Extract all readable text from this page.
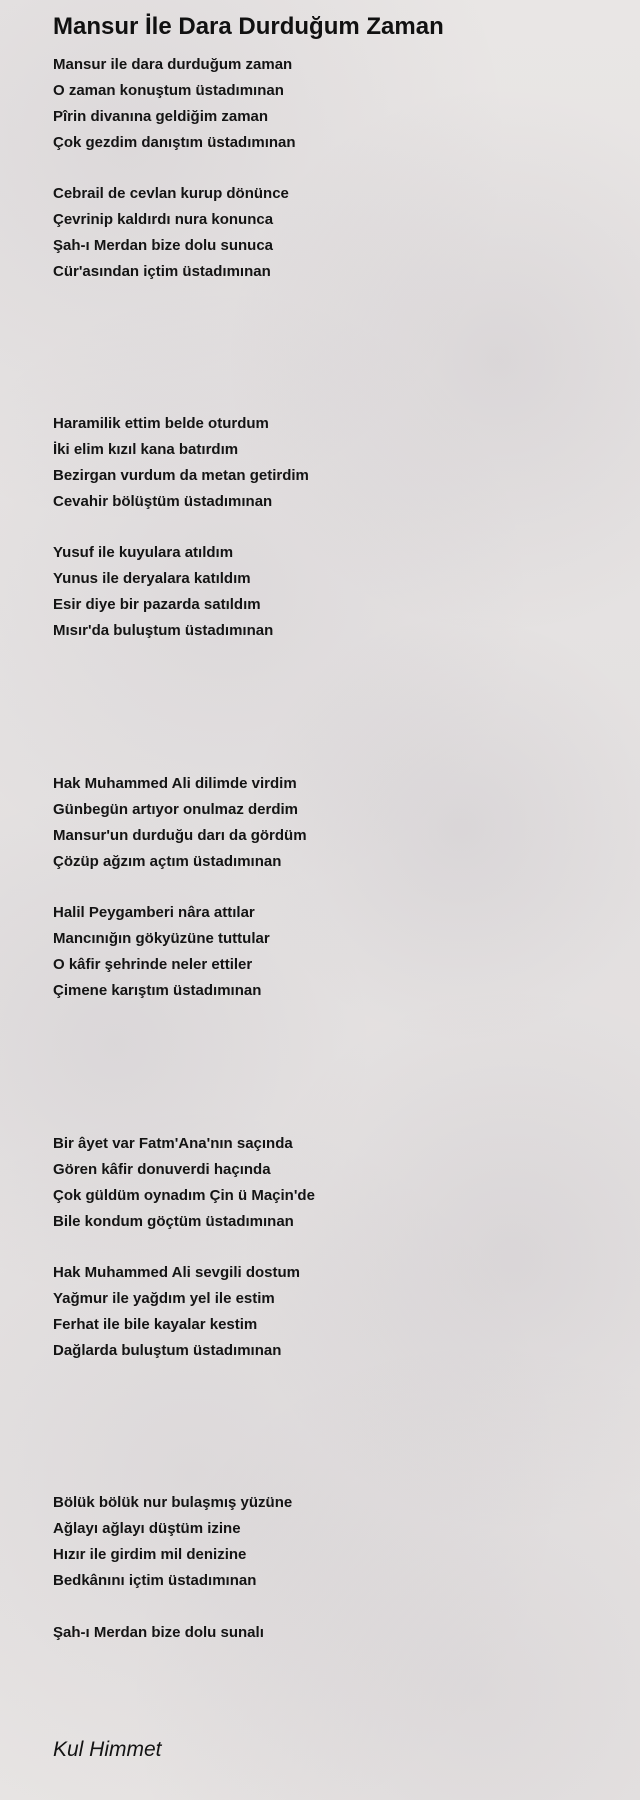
Mansur İle Dara Durduğum Zaman
Mansur ile dara durduğum zaman
O zaman konuştum üstadımınan
Pîrin divanına geldiğim zaman
Çok gezdim danıştım üstadımınan
Cebrail de cevlan kurup dönünce
Çevrinip kaldırdı nura konunca
Şah-ı Merdan bize dolu sunuca
Cür'asından içtim üstadımınan
Haramilik ettim belde oturdum
İki elim kızıl kana batırdım
Bezirgan vurdum da metan getirdim
Cevahir bölüştüm üstadımınan
Yusuf ile kuyulara atıldım
Yunus ile deryalara katıldım
Esir diye bir pazarda satıldım
Mısır'da buluştum üstadımınan
Hak Muhammed Ali dilimde virdim
Günbegün artıyor onulmaz derdim
Mansur'un durduğu darı da gördüm
Çözüp ağzım açtım üstadımınan
Halil Peygamberi nâra attılar
Mancınığın gökyüzüne tuttular
O kâfir şehrinde neler ettiler
Çimene karıştım üstadımınan
Bir âyet var Fatm'Ana'nın saçında
Gören kâfir donuverdi haçında
Çok güldüm oynadım Çin ü Maçin'de
Bile kondum göçtüm üstadımınan
Hak Muhammed Ali sevgili dostum
Yağmur ile yağdım yel ile estim
Ferhat ile bile kayalar kestim
Dağlarda buluştum üstadımınan
Bölük bölük nur bulaşmış yüzüne
Ağlayı ağlayı düştüm izine
Hızır ile girdim mil denizine
Bedkânını içtim üstadımınan
Şah-ı Merdan bize dolu sunalı

Kul Himmet
